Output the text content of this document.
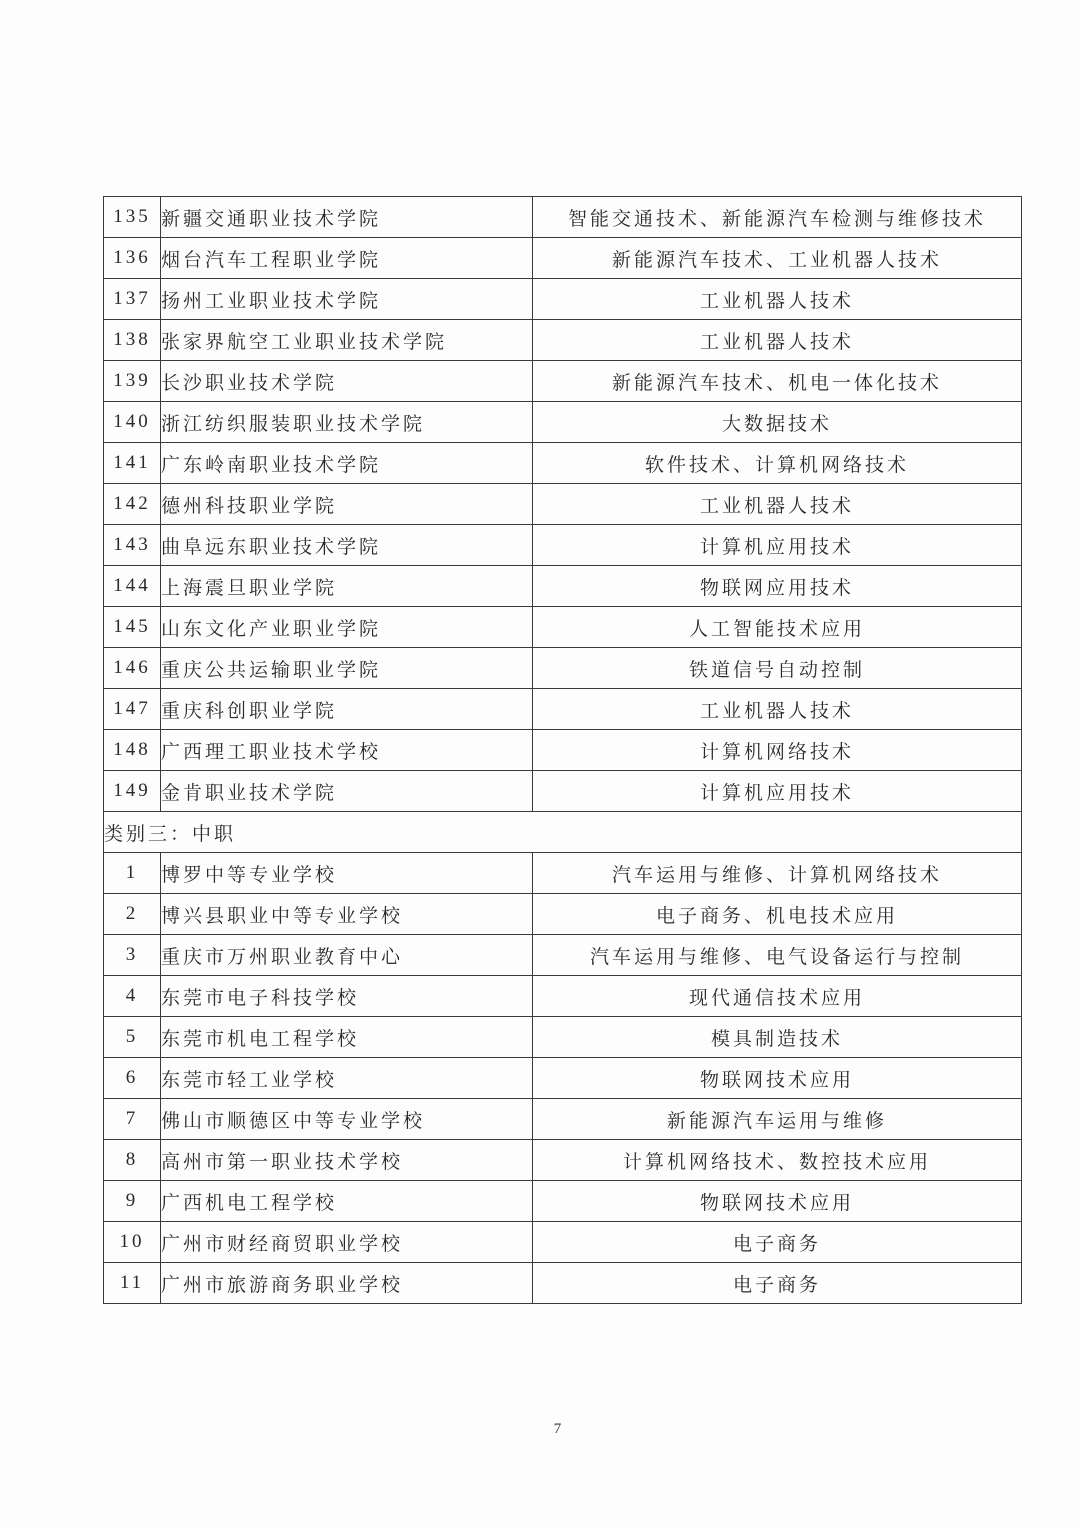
135	新疆交通职业技术学院	智能交通技术、新能源汽车检测与维修技术
136	烟台汽车工程职业学院	新能源汽车技术、工业机器人技术
137	扬州工业职业技术学院	工业机器人技术
138	张家界航空工业职业技术学院	工业机器人技术
139	长沙职业技术学院	新能源汽车技术、机电一体化技术
140	浙江纺织服装职业技术学院	大数据技术
141	广东岭南职业技术学院	软件技术、计算机网络技术
142	德州科技职业学院	工业机器人技术
143	曲阜远东职业技术学院	计算机应用技术
144	上海震旦职业学院	物联网应用技术
145	山东文化产业职业学院	人工智能技术应用
146	重庆公共运输职业学院	铁道信号自动控制
147	重庆科创职业学院	工业机器人技术
148	广西理工职业技术学校	计算机网络技术
149	金肯职业技术学院	计算机应用技术
类别三：中职		
1	博罗中等专业学校	汽车运用与维修、计算机网络技术
2	博兴县职业中等专业学校	电子商务、机电技术应用
3	重庆市万州职业教育中心	汽车运用与维修、电气设备运行与控制
4	东莞市电子科技学校	现代通信技术应用
5	东莞市机电工程学校	模具制造技术
6	东莞市轻工业学校	物联网技术应用
7	佛山市顺德区中等专业学校	新能源汽车运用与维修
8	高州市第一职业技术学校	计算机网络技术、数控技术应用
9	广西机电工程学校	物联网技术应用
10	广州市财经商贸职业学校	电子商务
11	广州市旅游商务职业学校	电子商务
7
